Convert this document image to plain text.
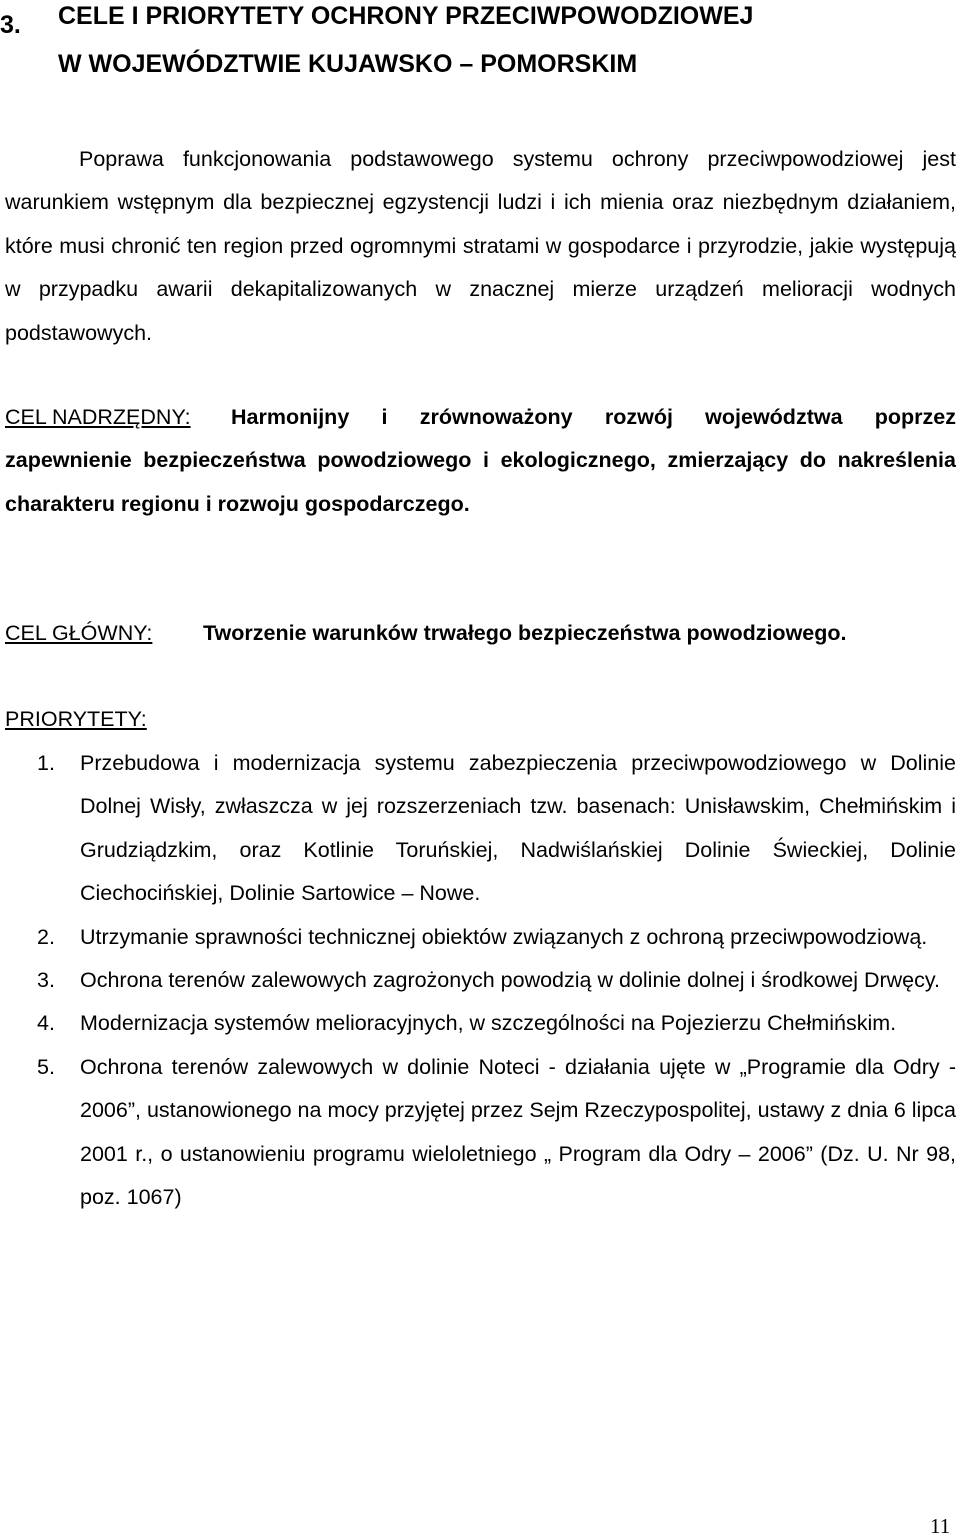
3. CELE I PRIORYTETY OCHRONY PRZECIWPOWODZIOWEJ
W WOJEWÓDZTWIE KUJAWSKO – POMORSKIM
Poprawa funkcjonowania podstawowego systemu ochrony przeciwpowodziowej jest warunkiem wstępnym dla bezpiecznej egzystencji ludzi i ich mienia oraz niezbędnym działaniem, które musi chronić ten region przed ogromnymi stratami w gospodarce i przyrodzie, jakie występują w przypadku awarii dekapitalizowanych w znacznej mierze urządzeń melioracji wodnych podstawowych.
CEL NADRZĘDNY:	Harmonijny i zrównoważony rozwój województwa poprzez zapewnienie bezpieczeństwa powodziowego i ekologicznego, zmierzający do nakreślenia charakteru regionu i rozwoju gospodarczego.
CEL GŁÓWNY: Tworzenie warunków trwałego bezpieczeństwa powodziowego.
PRIORYTETY:
1. Przebudowa i modernizacja systemu zabezpieczenia przeciwpowodziowego w Dolinie Dolnej Wisły, zwłaszcza w jej rozszerzeniach tzw. basenach: Unisławskim, Chełmińskim i Grudziądzkim, oraz Kotlinie Toruńskiej, Nadwiślańskiej Dolinie Świeckiej, Dolinie Ciechocińskiej, Dolinie Sartowice – Nowe.
2. Utrzymanie sprawności technicznej obiektów związanych z ochroną przeciwpowodziową.
3. Ochrona terenów zalewowych zagrożonych powodzią w dolinie dolnej i środkowej Drwęcy.
4. Modernizacja systemów melioracyjnych, w szczególności na Pojezierzu Chełmińskim.
5. Ochrona terenów zalewowych w dolinie Noteci - działania ujęte w „Programie dla Odry - 2006”, ustanowionego na mocy przyjętej przez Sejm Rzeczypospolitej, ustawy z dnia 6 lipca 2001 r., o ustanowieniu programu wieloletniego „ Program dla Odry – 2006” (Dz. U. Nr 98, poz. 1067)
11
